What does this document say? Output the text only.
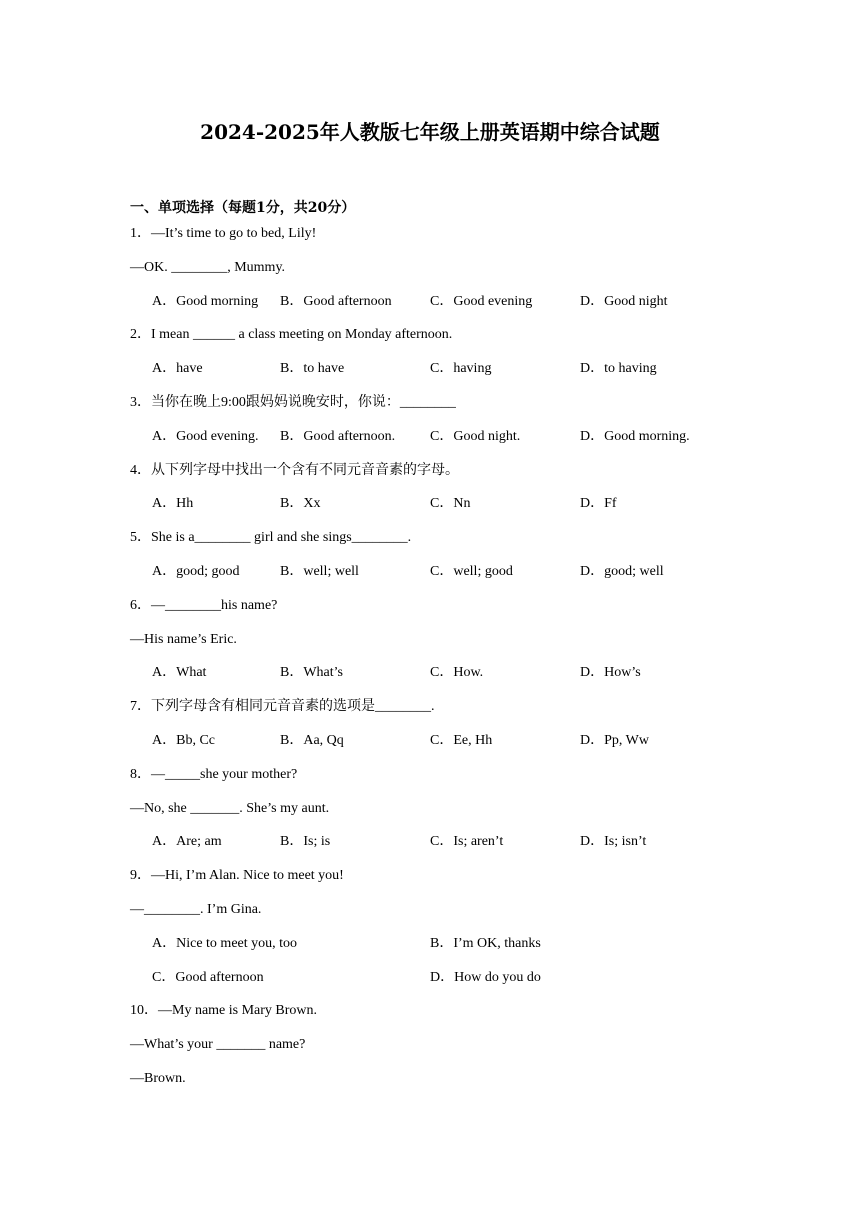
2024-2025年人教版七年级上册英语期中综合试题
一、单项选择（每题1分，共20分）
1．—It’s time to go to bed, Lily!
—OK. ________, Mummy.
A．Good morning B．Good afternoon	C．Good evening	D．Good night
2．I mean ______ a class meeting on Monday afternoon.
A．have	B．to have	C．having	D．to having
3．当你在晚上9:00跟妈妈说晚安时，你说：________
A．Good evening. B．Good afternoon. C．Good night.	D．Good morning.
4．从下列字母中找出一个含有不同元音音素的字母。
A．Hh	B．Xx	C．Nn	D．Ff
5．She is a________ girl and she sings________.
A．good; good	B．well; well	C．well; good	D．good; well
6．—________his name?
—His name’s Eric.
A．What	B．What’s	C．How.	D．How’s
7．下列字母含有相同元音音素的选项是________.
A．Bb, Cc	B．Aa, Qq	C．Ee, Hh	D．Pp, Ww
8．—_____she your mother?
—No, she _______. She’s my aunt.
A．Are; am	B．Is; is	C．Is; aren’t	D．Is; isn’t
9．—Hi, I’m Alan. Nice to meet you!
—________. I’m Gina.
A．Nice to meet you, too	B．I’m OK, thanks
C．Good afternoon	D．How do you do
10．—My name is Mary Brown.
—What’s your _______ name?
—Brown.
